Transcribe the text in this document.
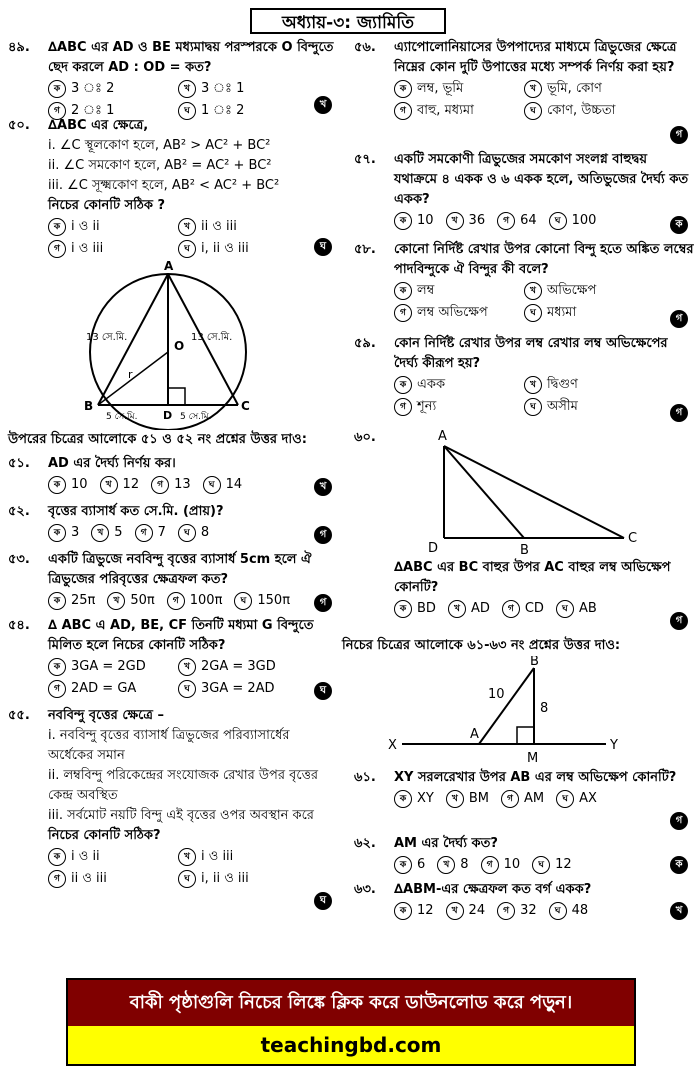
অধ্যায়-৩: জ্যামিতি
৪৯. ∆ABC এর AD ও BE মধ্যমাদ্বয় পরস্পরকে O বিন্দুতে ছেদ করলে AD : OD = কত?
ক 3 ঃ 2	খ 3 ঃ 1
গ 2 ঃ 1	ঘ 1 ঃ 2	খ
৫০. ∆ABC এর ক্ষেত্রে,
i. ∠C স্থূলকোণ হলে, AB² > AC² + BC²
ii. ∠C সমকোণ হলে, AB² = AC² + BC²
iii. ∠C সূক্ষ্মকোণ হলে, AB² < AC² + BC²
নিচের কোনটি সঠিক ?
ক i ও ii	খ ii ও iii
গ i ও iii	ঘ i, ii ও iii	ঘ
A
B	C
D
O
r
13 সে.মি.	13 সে.মি.
5 সে.মি.	5 সে.মি.
উপরের চিত্রের আলোকে ৫১ ও ৫২ নং প্রশ্নের উত্তর দাও:
৫১. AD এর দৈর্ঘ্য নির্ণয় কর।
ক 10	খ 12	গ 13	ঘ 14	খ
৫২. বৃত্তের ব্যাসার্ধ কত সে.মি. (প্রায়)?
ক 3	খ 5	গ 7	ঘ 8	গ
৫৩. একটি ত্রিভুজে নববিন্দু বৃত্তের ব্যাসার্ধ 5cm হলে ঐ ত্রিভুজের পরিবৃত্তের ক্ষেত্রফল কত?
ক 25π	খ 50π	গ 100π	ঘ 150π	গ
৫৪. ∆ ABC এ AD, BE, CF তিনটি মধ্যমা G বিন্দুতে মিলিত হলে নিচের কোনটি সঠিক?
ক 3GA = 2GD	খ 2GA = 3GD
গ 2AD = GA	ঘ 3GA = 2AD	ঘ
৫৫. নববিন্দু বৃত্তের ক্ষেত্রে –
i. নববিন্দু বৃত্তের ব্যাসার্ধ ত্রিভুজের পরিব্যাসার্ধের অর্ধেকের সমান
ii. লম্ববিন্দু পরিকেন্দ্রের সংযোজক রেখার উপর বৃত্তের কেন্দ্র অবস্থিত
iii. সর্বমোট নয়টি বিন্দু এই বৃত্তের ওপর অবস্থান করে
নিচের কোনটি সঠিক?
ক i ও ii	খ i ও iii
গ ii ও iii	ঘ i, ii ও iii
ঘ
৫৬. এ্যাপোলোনিয়াসের উপপাদ্যের মাধ্যমে ত্রিভুজের ক্ষেত্রে নিম্নের কোন দুটি উপাত্তের মধ্যে সম্পর্ক নির্ণয় করা হয়?
ক লম্ব, ভূমি	খ ভূমি, কোণ
গ বাহু, মধ্যমা	ঘ কোণ, উচ্চতা
গ
৫৭. একটি সমকোণী ত্রিভুজের সমকোণ সংলগ্ন বাহুদ্বয় যথাক্রমে ৪ একক ও ৬ একক হলে, অতিভুজের দৈর্ঘ্য কত একক?
ক 10	খ 36	গ 64	ঘ 100	ক
৫৮. কোনো নির্দিষ্ট রেখার উপর কোনো বিন্দু হতে অঙ্কিত লম্বের পাদবিন্দুকে ঐ বিন্দুর কী বলে?
ক লম্ব	খ অভিক্ষেপ
গ লম্ব অভিক্ষেপ	ঘ মধ্যমা	গ
৫৯. কোন নির্দিষ্ট রেখার উপর লম্ব রেখার লম্ব অভিক্ষেপের দৈর্ঘ্য কীরূপ হয়?
ক একক	খ দ্বিগুণ
গ শূন্য	ঘ অসীম	গ
৬০.	A
D	B
C
∆ABC এর BC বাহুর উপর AC বাহুর লম্ব অভিক্ষেপ কোনটি?
ক BD	খ AD	গ CD	ঘ AB
গ
নিচের চিত্রের আলোকে ৬১-৬৩ নং প্রশ্নের উত্তর দাও:
B
A
M
X	Y
10
8
৬১. XY সরলরেখার উপর AB এর লম্ব অভিক্ষেপ কোনটি?
ক XY	খ BM	গ AM	ঘ AX
গ
৬২. AM এর দৈর্ঘ্য কত?
ক 6	খ 8	গ 10	ঘ 12	ক
৬৩. ∆ABM-এর ক্ষেত্রফল কত বর্গ একক?
ক 12	খ 24	গ 32	ঘ 48	খ
বাকী পৃষ্ঠাগুলি নিচের লিঙ্কে ক্লিক করে ডাউনলোড করে পড়ুন।
teachingbd.com
